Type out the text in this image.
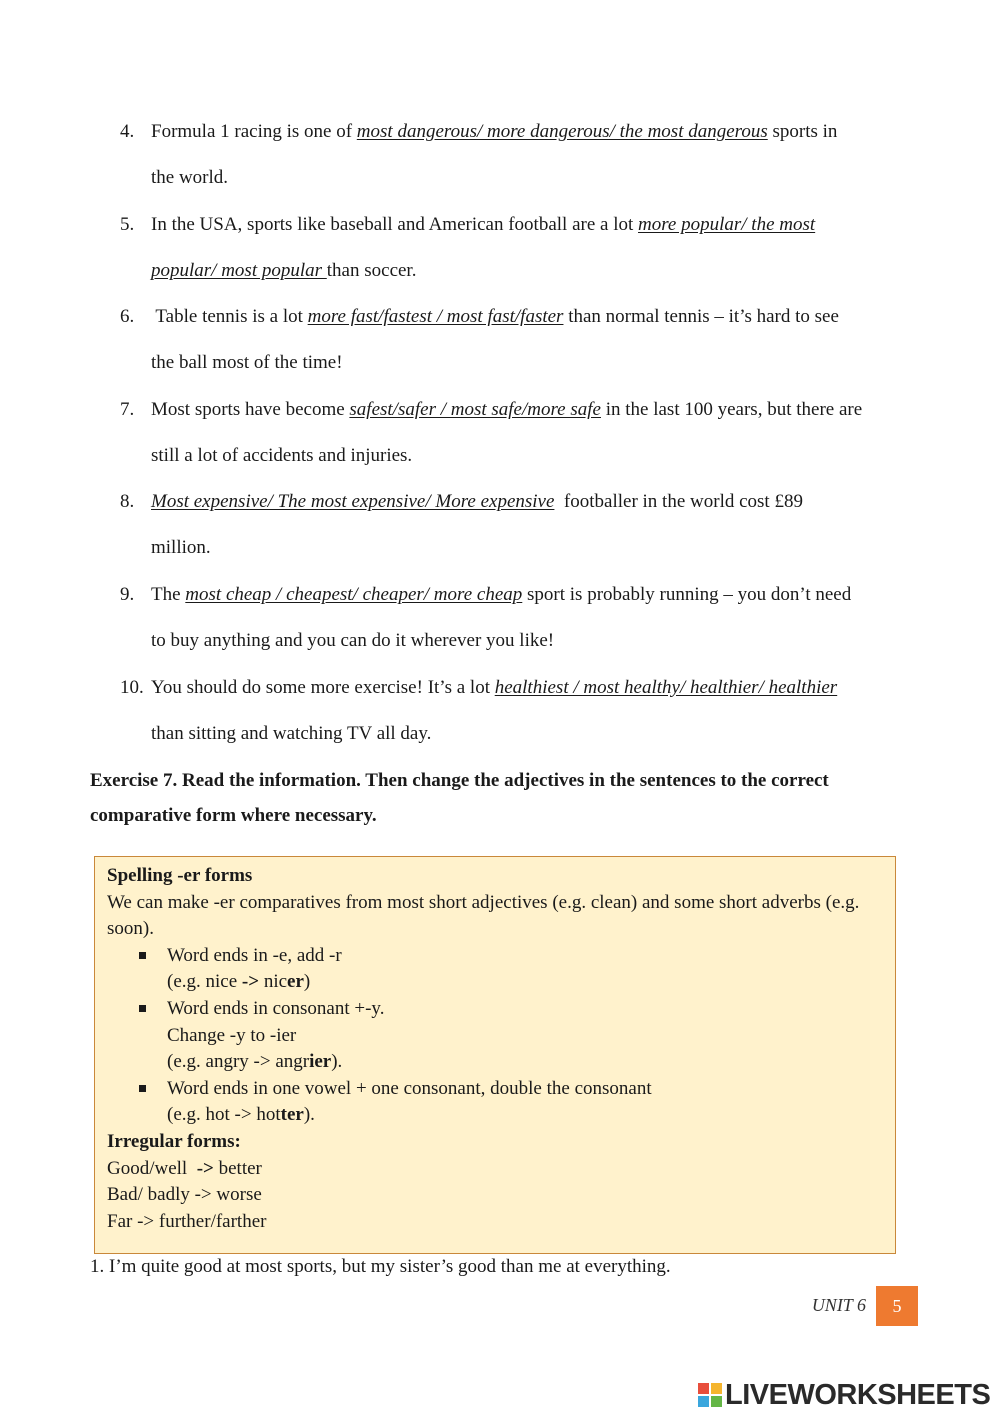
4. Formula 1 racing is one of most dangerous/ more dangerous/ the most dangerous sports in
the world.
5. In the USA, sports like baseball and American football are a lot more popular/ the most
popular/ most popular than soccer.
6. Table tennis is a lot more fast/fastest / most fast/faster than normal tennis – it’s hard to see
the ball most of the time!
7. Most sports have become safest/safer / most safe/more safe in the last 100 years, but there are
still a lot of accidents and injuries.
8. Most expensive/ The most expensive/ More expensive  footballer in the world cost £89
million.
9. The most cheap / cheapest/ cheaper/ more cheap sport is probably running – you don’t need
to buy anything and you can do it wherever you like!
10. You should do some more exercise! It’s a lot healthiest / most healthy/ healthier/ healthier
than sitting and watching TV all day.
Exercise 7. Read the information. Then change the adjectives in the sentences to the correct
comparative form where necessary.
Spelling -er forms
We can make -er comparatives from most short adjectives (e.g. clean) and some short adverbs (e.g. soon).
Word ends in -e, add -r
(e.g. nice -> nicer)
Word ends in consonant +-y.
Change -y to -ier
(e.g. angry -> angrier).
Word ends in one vowel + one consonant, double the consonant
(e.g. hot -> hotter).
Irregular forms:
Good/well  -> better
Bad/ badly -> worse
Far -> further/farther
1. I’m quite good at most sports, but my sister’s good than me at everything.
UNIT 6	5
LIVEWORKSHEETS
